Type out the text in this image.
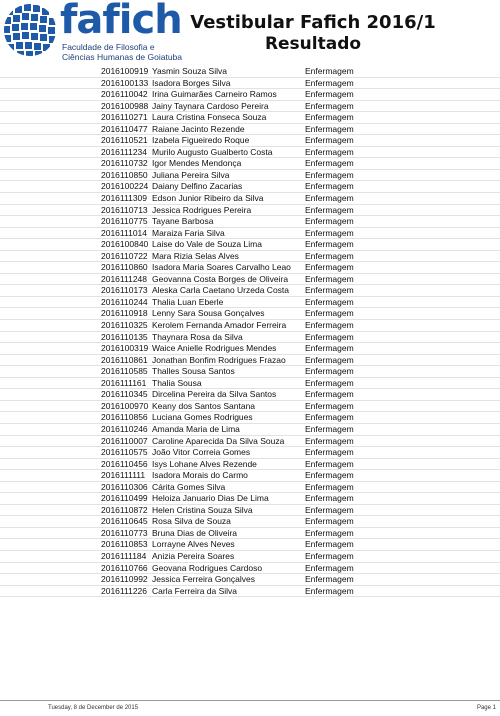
fafich
Faculdade de Filosofia e
Ciências Humanas de Goiatuba
Vestibular Fafich 2016/1
Resultado
2016100919 Yasmin Souza Silva	Enfermagem
2016100133 Isadora Borges Silva	Enfermagem
2016110042 Irina Guimarães Carneiro Ramos	Enfermagem
2016100988 Jainy Taynara Cardoso Pereira	Enfermagem
2016110271 Laura Cristina Fonseca Souza	Enfermagem
2016110477 Raiane Jacinto Rezende	Enfermagem
2016110521 Izabela Figueiredo Roque	Enfermagem
2016111234 Murilo Augusto Gualberto Costa	Enfermagem
2016110732 Igor Mendes Mendonça	Enfermagem
2016110850 Juliana Pereira Silva	Enfermagem
2016100224 Daiany Delfino Zacarias	Enfermagem
2016111309 Edson Junior Ribeiro da Silva	Enfermagem
2016110713 Jessica Rodrigues Pereira	Enfermagem
2016110775 Tayane Barbosa	Enfermagem
2016111014 Maraiza Faria Silva	Enfermagem
2016100840 Laise do Vale de Souza Lima	Enfermagem
2016110722 Mara Rizia Selas Alves	Enfermagem
2016110860 Isadora Maria Soares Carvalho Leao Enfermagem
2016111248 Geovanna Costa Borges de Oliveira Enfermagem
2016110173 Aleska Carla Caetano Urzeda Costa Enfermagem
2016110244 Thalia Luan Eberle	Enfermagem
2016110918 Lenny Sara Sousa Gonçalves	Enfermagem
2016110325 Kerolem Fernanda Amador Ferreira Enfermagem
2016110135 Thaynara Rosa da Silva	Enfermagem
2016100319 Waice Anielle Rodrigues Mendes	Enfermagem
2016110861 Jonathan Bonfim Rodrigues Frazao Enfermagem
2016110585 Thalles Sousa Santos	Enfermagem
2016111161 Thalia Sousa	Enfermagem
2016110345 Dircelina Pereira da Silva Santos	Enfermagem
2016100970 Keany dos Santos Santana	Enfermagem
2016110856 Luciana Gomes Rodrigues	Enfermagem
2016110246 Amanda Maria de Lima	Enfermagem
2016110007 Caroline Aparecida Da Silva Souza Enfermagem
2016110575 João Vitor Correia Gomes	Enfermagem
2016110456 Isys Lohane Alves Rezende	Enfermagem
2016111111 Isadora Morais do Carmo	Enfermagem
2016110306 Cárita Gomes Silva	Enfermagem
2016110499 Heloiza Januario Dias De Lima	Enfermagem
2016110872 Helen Cristina Souza Silva	Enfermagem
2016110645 Rosa Silva de Souza	Enfermagem
2016110773 Bruna Dias de Oliveira	Enfermagem
2016110853 Lorrayne Alves Neves	Enfermagem
2016111184 Anizia Pereira Soares	Enfermagem
2016110766 Geovana Rodrigues Cardoso	Enfermagem
2016110992 Jessica Ferreira Gonçalves	Enfermagem
2016111226 Carla Ferreira da Silva	Enfermagem
Tuesday, 8 de December de 2015	Page 1
